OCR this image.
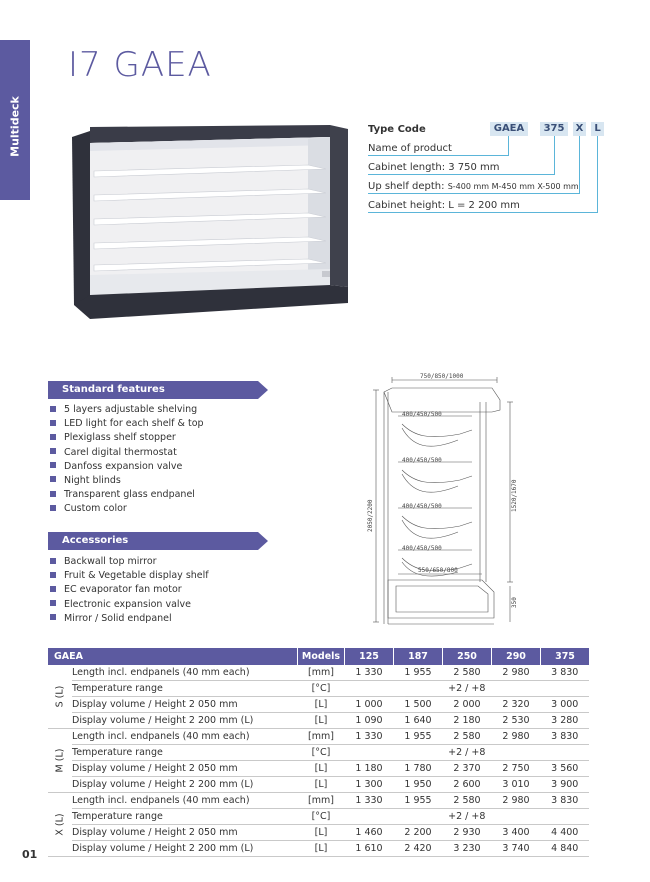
Multideck
I7 GAEA
Type Code	GAEA	375	X	L
Name of product
Cabinet length: 3 750 mm
Up shelf depth: S-400 mm M-450 mm X-500 mm
Cabinet height: L = 2 200 mm
Standard features
5 layers adjustable shelving
LED light for each shelf & top
Plexiglass shelf stopper
Carel digital thermostat
Danfoss expansion valve
Night blinds
Transparent glass endpanel
Custom color
Accessories
Backwall top mirror
Fruit & Vegetable display shelf
EC evaporator fan motor
Electronic expansion valve
Mirror / Solid endpanel
750/850/1000
400/450/500
400/450/500
400/450/500
400/450/500
550/650/800
2050/2200
1520/1670
350
GAEA		Models	125	187	250	290	375
S (L)	Length incl. endpanels (40 mm each)	[mm]	1 330	1 955	2 580	2 980	3 830
	Temperature range	[°C]	+2 / +8				
	Display volume / Height 2 050 mm	[L]	1 000	1 500	2 000	2 320	3 000
	Display volume / Height 2 200 mm (L)	[L]	1 090	1 640	2 180	2 530	3 280
M (L)	Length incl. endpanels (40 mm each)	[mm]	1 330	1 955	2 580	2 980	3 830
	Temperature range	[°C]	+2 / +8				
	Display volume / Height 2 050 mm	[L]	1 180	1 780	2 370	2 750	3 560
	Display volume / Height 2 200 mm (L)	[L]	1 300	1 950	2 600	3 010	3 900
X (L)	Length incl. endpanels (40 mm each)	[mm]	1 330	1 955	2 580	2 980	3 830
	Temperature range	[°C]	+2 / +8				
	Display volume / Height 2 050 mm	[L]	1 460	2 200	2 930	3 400	4 400
	Display volume / Height 2 200 mm (L)	[L]	1 610	2 420	3 230	3 740	4 840
01
